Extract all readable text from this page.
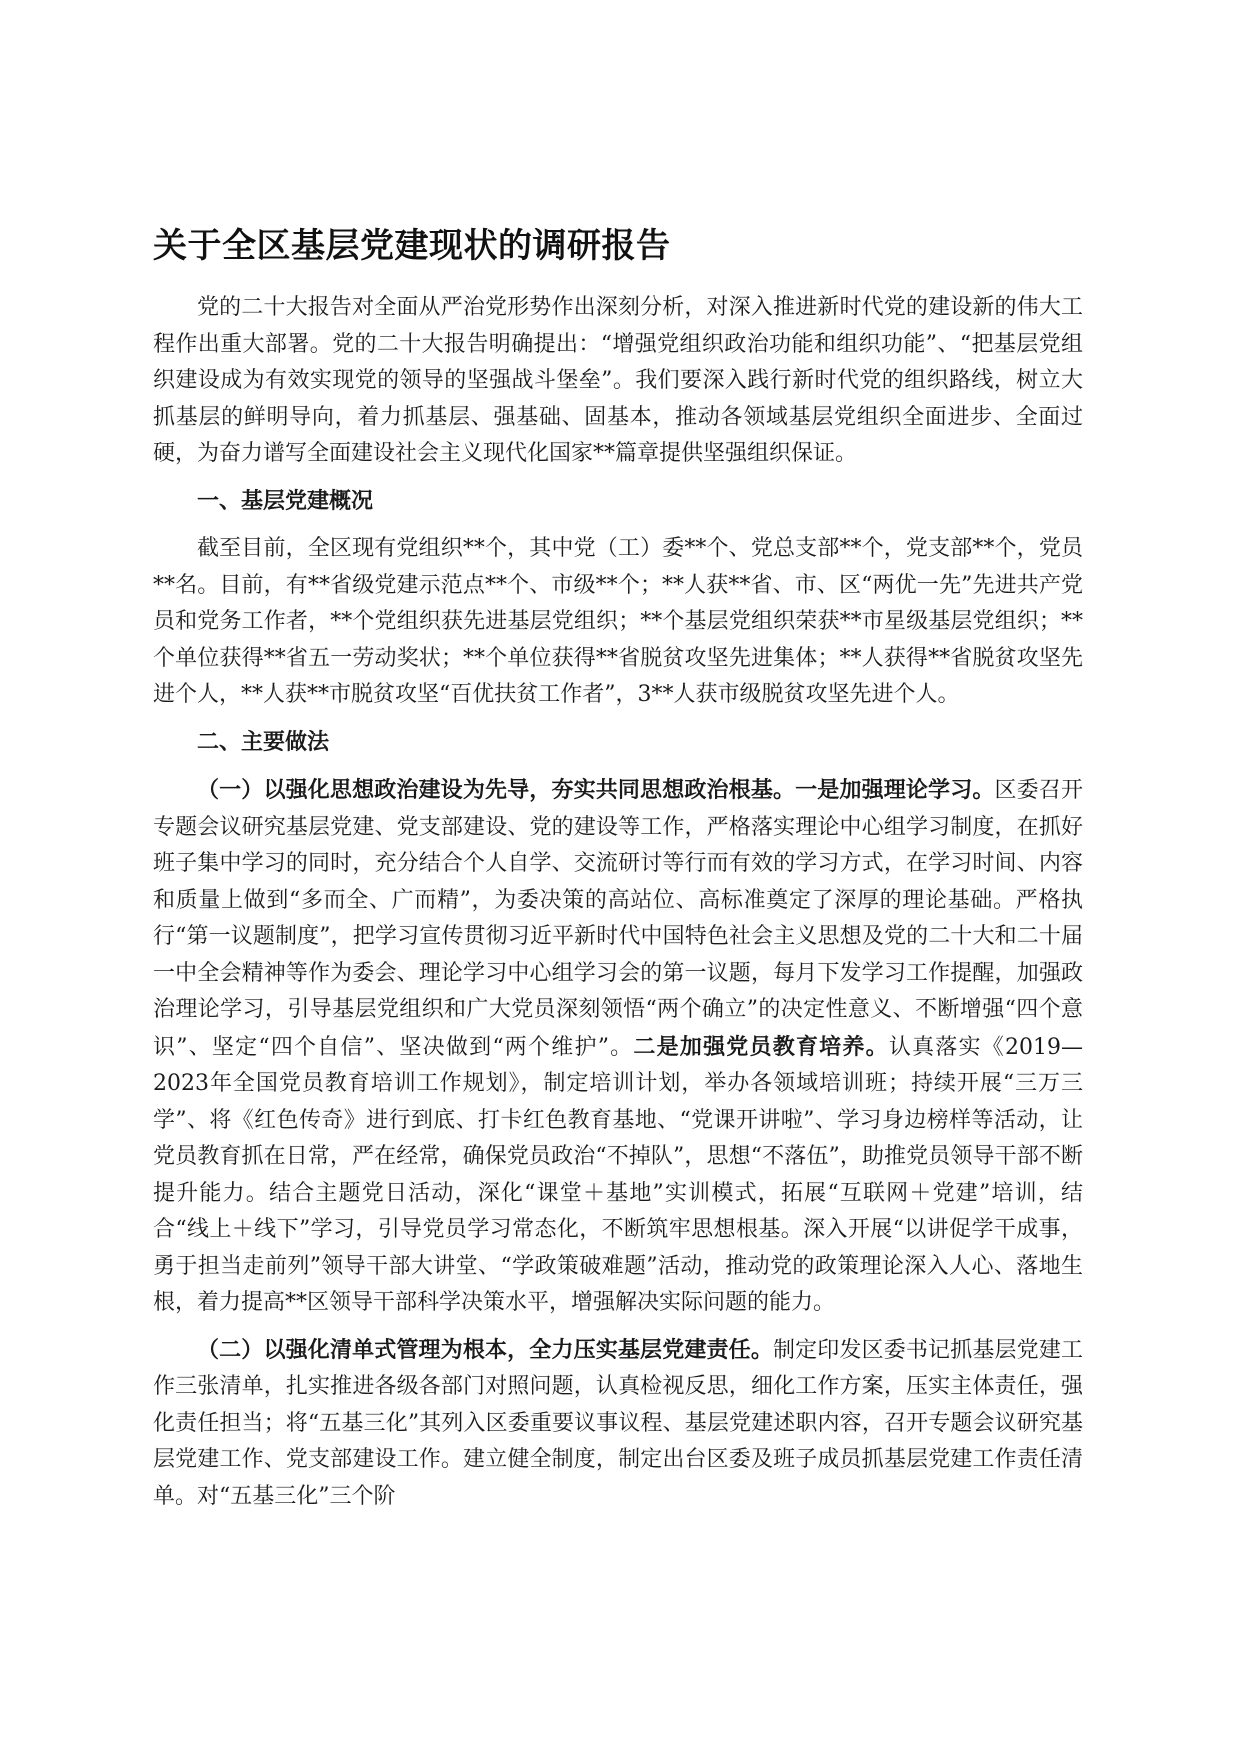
关于全区基层党建现状的调研报告

党的二十大报告对全面从严治党形势作出深刻分析，对深入推进新时代党的建设新的伟大工程作出重大部署。党的二十大报告明确提出：“增强党组织政治功能和组织功能”、“把基层党组织建设成为有效实现党的领导的坚强战斗堡垒”。我们要深入践行新时代党的组织路线，树立大抓基层的鲜明导向，着力抓基层、强基础、固基本，推动各领域基层党组织全面进步、全面过硬，为奋力谱写全面建设社会主义现代化国家**篇章提供坚强组织保证。

一、基层党建概况

截至目前，全区现有党组织**个，其中党（工）委**个、党总支部**个，党支部**个，党员**名。目前，有**省级党建示范点**个、市级**个；**人获**省、市、区“两优一先”先进共产党员和党务工作者，**个党组织获先进基层党组织；**个基层党组织荣获**市星级基层党组织；**个单位获得**省五一劳动奖状；**个单位获得**省脱贫攻坚先进集体；**人获得**省脱贫攻坚先进个人，**人获**市脱贫攻坚“百优扶贫工作者”，3**人获市级脱贫攻坚先进个人。

二、主要做法

（一）以强化思想政治建设为先导，夯实共同思想政治根基。一是加强理论学习。区委召开专题会议研究基层党建、党支部建设、党的建设等工作，严格落实理论中心组学习制度，在抓好班子集中学习的同时，充分结合个人自学、交流研讨等行而有效的学习方式，在学习时间、内容和质量上做到“多而全、广而精”，为委决策的高站位、高标准奠定了深厚的理论基础。严格执行“第一议题制度”，把学习宣传贯彻习近平新时代中国特色社会主义思想及党的二十大和二十届一中全会精神等作为委会、理论学习中心组学习会的第一议题，每月下发学习工作提醒，加强政治理论学习，引导基层党组织和广大党员深刻领悟“两个确立”的决定性意义、不断增强“四个意识”、坚定“四个自信”、坚决做到“两个维护”。二是加强党员教育培养。认真落实《2019—2023年全国党员教育培训工作规划》，制定培训计划，举办各领域培训班；持续开展“三万三学”、将《红色传奇》进行到底、打卡红色教育基地、“党课开讲啦”、学习身边榜样等活动，让党员教育抓在日常，严在经常，确保党员政治“不掉队”，思想“不落伍”，助推党员领导干部不断提升能力。结合主题党日活动，深化“课堂＋基地”实训模式，拓展“互联网＋党建”培训，结合“线上＋线下”学习，引导党员学习常态化，不断筑牢思想根基。深入开展“以讲促学干成事，勇于担当走前列”领导干部大讲堂、“学政策破难题”活动，推动党的政策理论深入人心、落地生根，着力提高**区领导干部科学决策水平，增强解决实际问题的能力。

（二）以强化清单式管理为根本，全力压实基层党建责任。制定印发区委书记抓基层党建工作三张清单，扎实推进各级各部门对照问题，认真检视反思，细化工作方案，压实主体责任，强化责任担当；将“五基三化”其列入区委重要议事议程、基层党建述职内容，召开专题会议研究基层党建工作、党支部建设工作。建立健全制度，制定出台区委及班子成员抓基层党建工作责任清单。对“五基三化”三个阶
